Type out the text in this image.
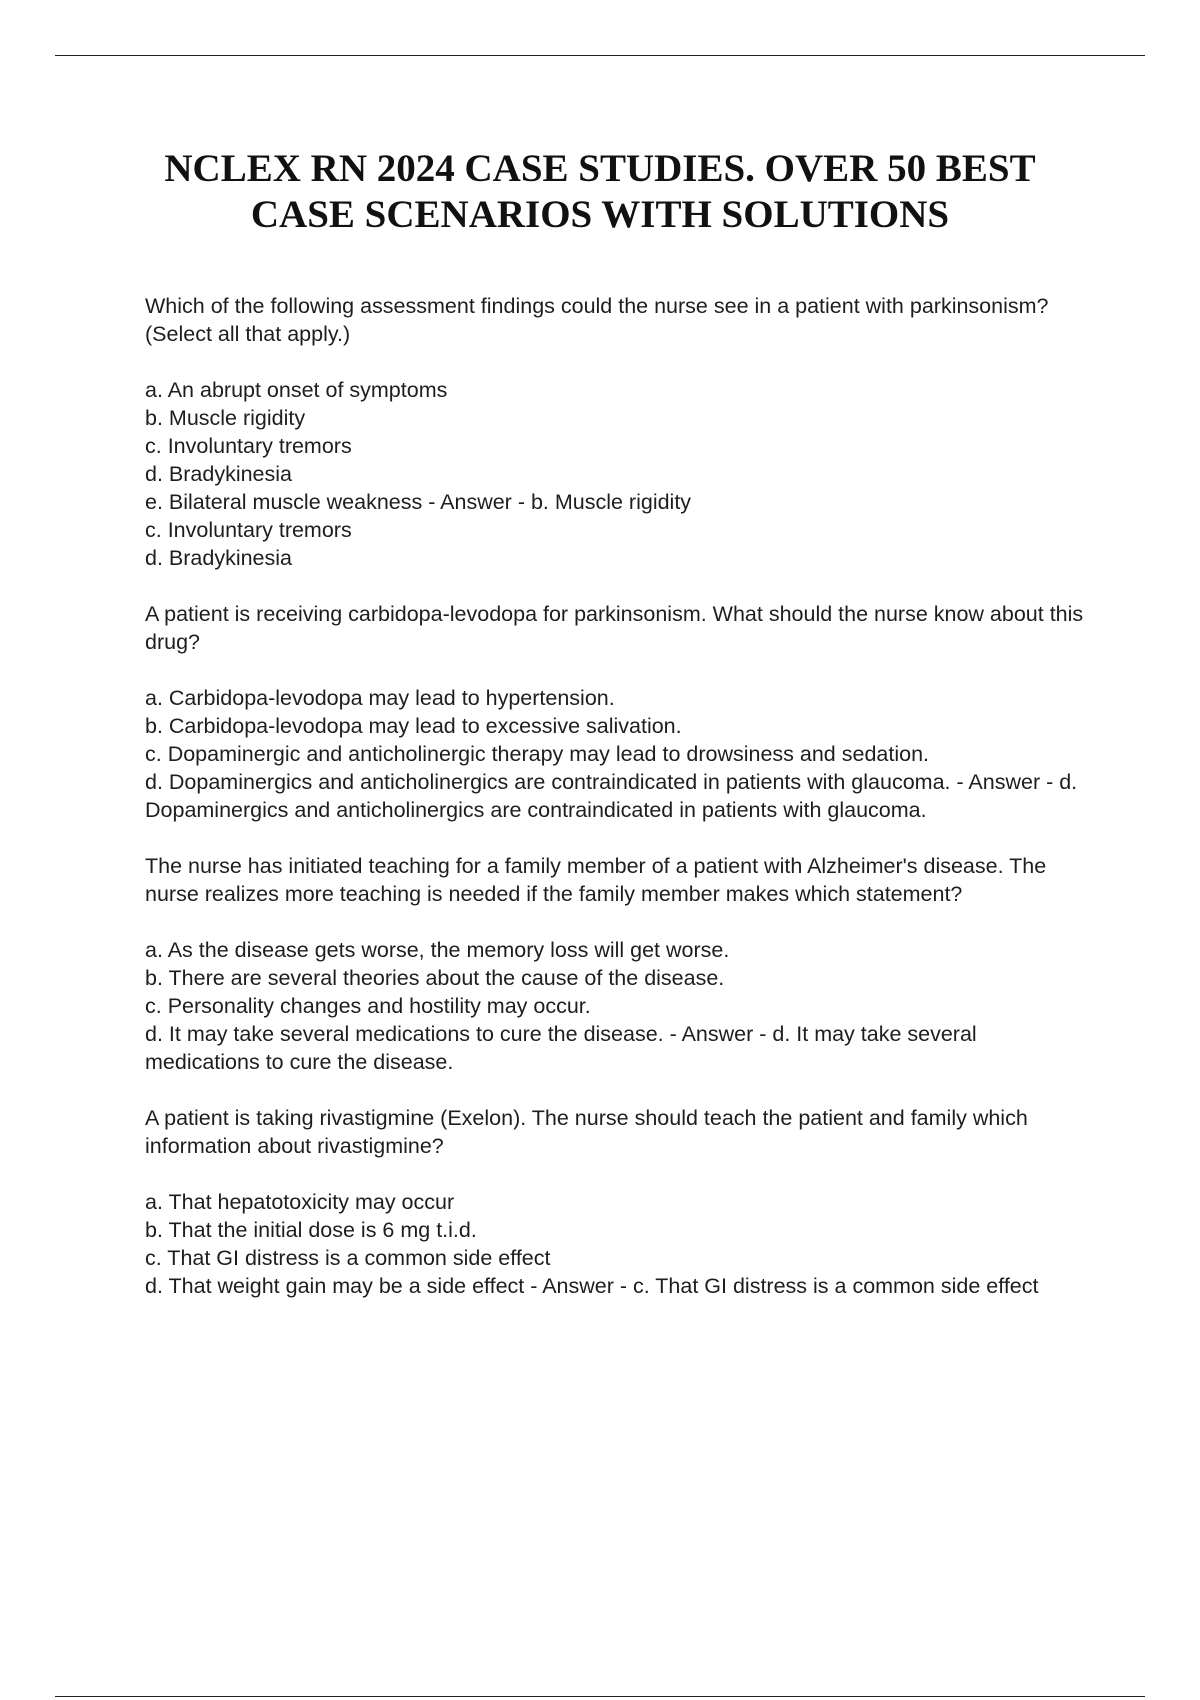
NCLEX RN 2024 CASE STUDIES. OVER 50 BEST
CASE SCENARIOS WITH SOLUTIONS

Which of the following assessment findings could the nurse see in a patient with parkinsonism? (Select all that apply.)

a. An abrupt onset of symptoms
b. Muscle rigidity
c. Involuntary tremors
d. Bradykinesia
e. Bilateral muscle weakness - Answer - b. Muscle rigidity
c. Involuntary tremors
d. Bradykinesia

A patient is receiving carbidopa-levodopa for parkinsonism. What should the nurse know about this drug?

a. Carbidopa-levodopa may lead to hypertension.
b. Carbidopa-levodopa may lead to excessive salivation.
c. Dopaminergic and anticholinergic therapy may lead to drowsiness and sedation.
d. Dopaminergics and anticholinergics are contraindicated in patients with glaucoma. - Answer - d. Dopaminergics and anticholinergics are contraindicated in patients with glaucoma.

The nurse has initiated teaching for a family member of a patient with Alzheimer's disease. The nurse realizes more teaching is needed if the family member makes which statement?

a. As the disease gets worse, the memory loss will get worse.
b. There are several theories about the cause of the disease.
c. Personality changes and hostility may occur.
d. It may take several medications to cure the disease. - Answer - d. It may take several medications to cure the disease.

A patient is taking rivastigmine (Exelon). The nurse should teach the patient and family which information about rivastigmine?

a. That hepatotoxicity may occur
b. That the initial dose is 6 mg t.i.d.
c. That GI distress is a common side effect
d. That weight gain may be a side effect - Answer - c. That GI distress is a common side effect
